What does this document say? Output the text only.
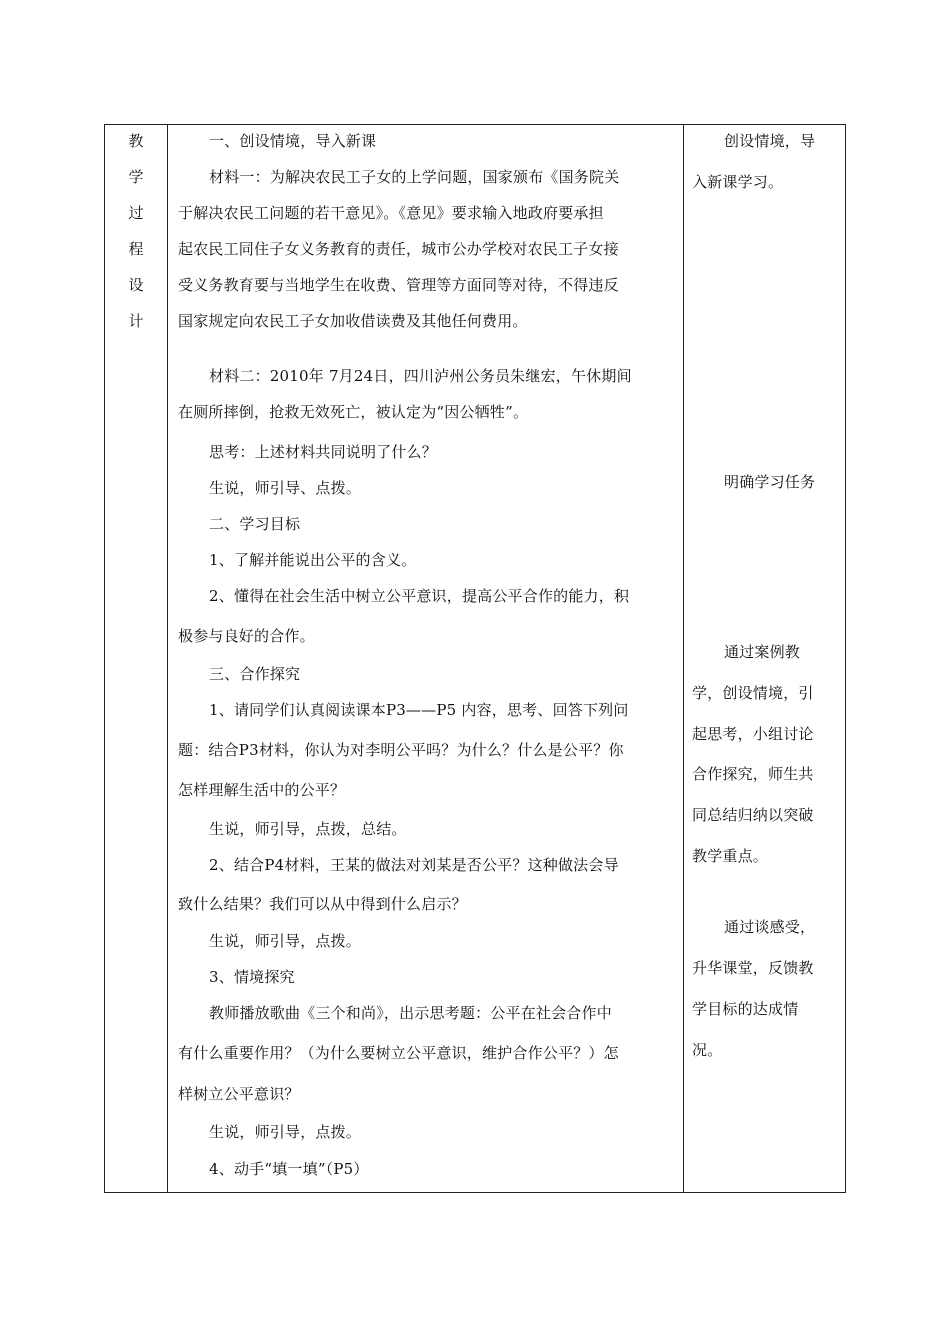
教
学
过
程
设
计
一、创设情境，导入新课
材料一：为解决农民工子女的上学问题，国家颁布《国务院关
于解决农民工问题的若干意见》。《意见》要求输入地政府要承担
起农民工同住子女义务教育的责任，城市公办学校对农民工子女接
受义务教育要与当地学生在收费、管理等方面同等对待，不得违反
国家规定向农民工子女加收借读费及其他任何费用。
材料二：2010年 7月24日，四川泸州公务员朱继宏，午休期间
在厕所摔倒，抢救无效死亡，被认定为“因公牺牲”。
思考：上述材料共同说明了什么？
生说，师引导、点拨。
二、学习目标
1、了解并能说出公平的含义。
2、懂得在社会生活中树立公平意识，提高公平合作的能力，积
极参与良好的合作。
三、合作探究
1、请同学们认真阅读课本P3——P5 内容，思考、回答下列问
题：结合P3材料，你认为对李明公平吗？为什么？什么是公平？你
怎样理解生活中的公平？
生说，师引导，点拨，总结。
2、结合P4材料，王某的做法对刘某是否公平？这种做法会导
致什么结果？我们可以从中得到什么启示？
生说，师引导，点拨。
3、情境探究
教师播放歌曲《三个和尚》，出示思考题：公平在社会合作中
有什么重要作用？（为什么要树立公平意识，维护合作公平？）怎
样树立公平意识？
生说，师引导，点拨。
4、动手“填一填”（P5）
创设情境，导
入新课学习。
明确学习任务
通过案例教
学，创设情境，引
起思考，小组讨论
合作探究，师生共
同总结归纳以突破
教学重点。
通过谈感受，
升华课堂，反馈教
学目标的达成情
况。
